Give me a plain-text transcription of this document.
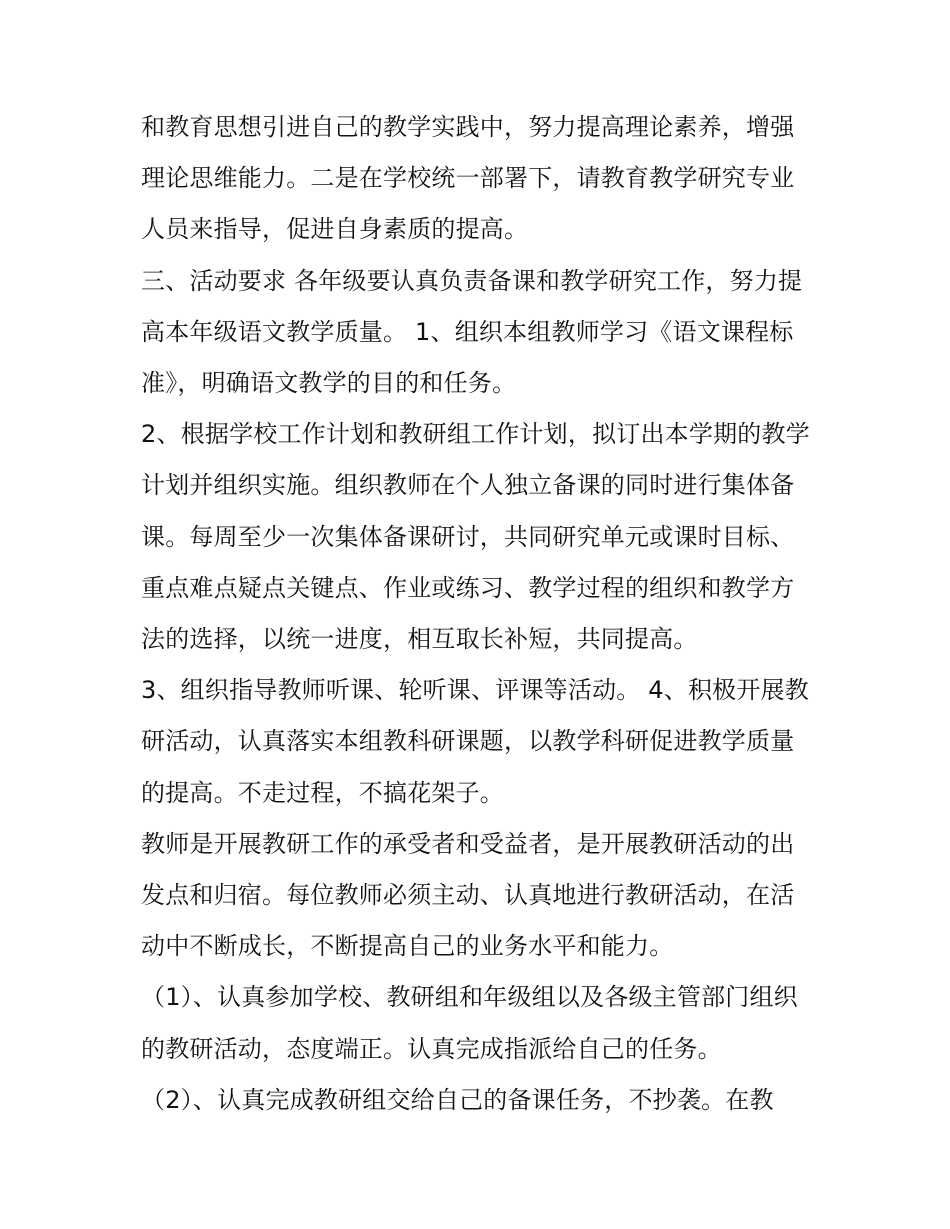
和教育思想引进自己的教学实践中，努力提高理论素养，增强理论思维能力。二是在学校统一部署下，请教育教学研究专业人员来指导，促进自身素质的提高。

三、活动要求 各年级要认真负责备课和教学研究工作，努力提高本年级语文教学质量。 1、组织本组教师学习《语文课程标准》，明确语文教学的目的和任务。

2、根据学校工作计划和教研组工作计划，拟订出本学期的教学计划并组织实施。组织教师在个人独立备课的同时进行集体备课。每周至少一次集体备课研讨，共同研究单元或课时目标、重点难点疑点关键点、作业或练习、教学过程的组织和教学方法的选择，以统一进度，相互取长补短，共同提高。

3、组织指导教师听课、轮听课、评课等活动。 4、积极开展教研活动，认真落实本组教科研课题，以教学科研促进教学质量的提高。不走过程，不搞花架子。

教师是开展教研工作的承受者和受益者，是开展教研活动的出发点和归宿。每位教师必须主动、认真地进行教研活动，在活动中不断成长，不断提高自己的业务水平和能力。

（1）、认真参加学校、教研组和年级组以及各级主管部门组织的教研活动，态度端正。认真完成指派给自己的任务。

（2）、认真完成教研组交给自己的备课任务，不抄袭。在教
